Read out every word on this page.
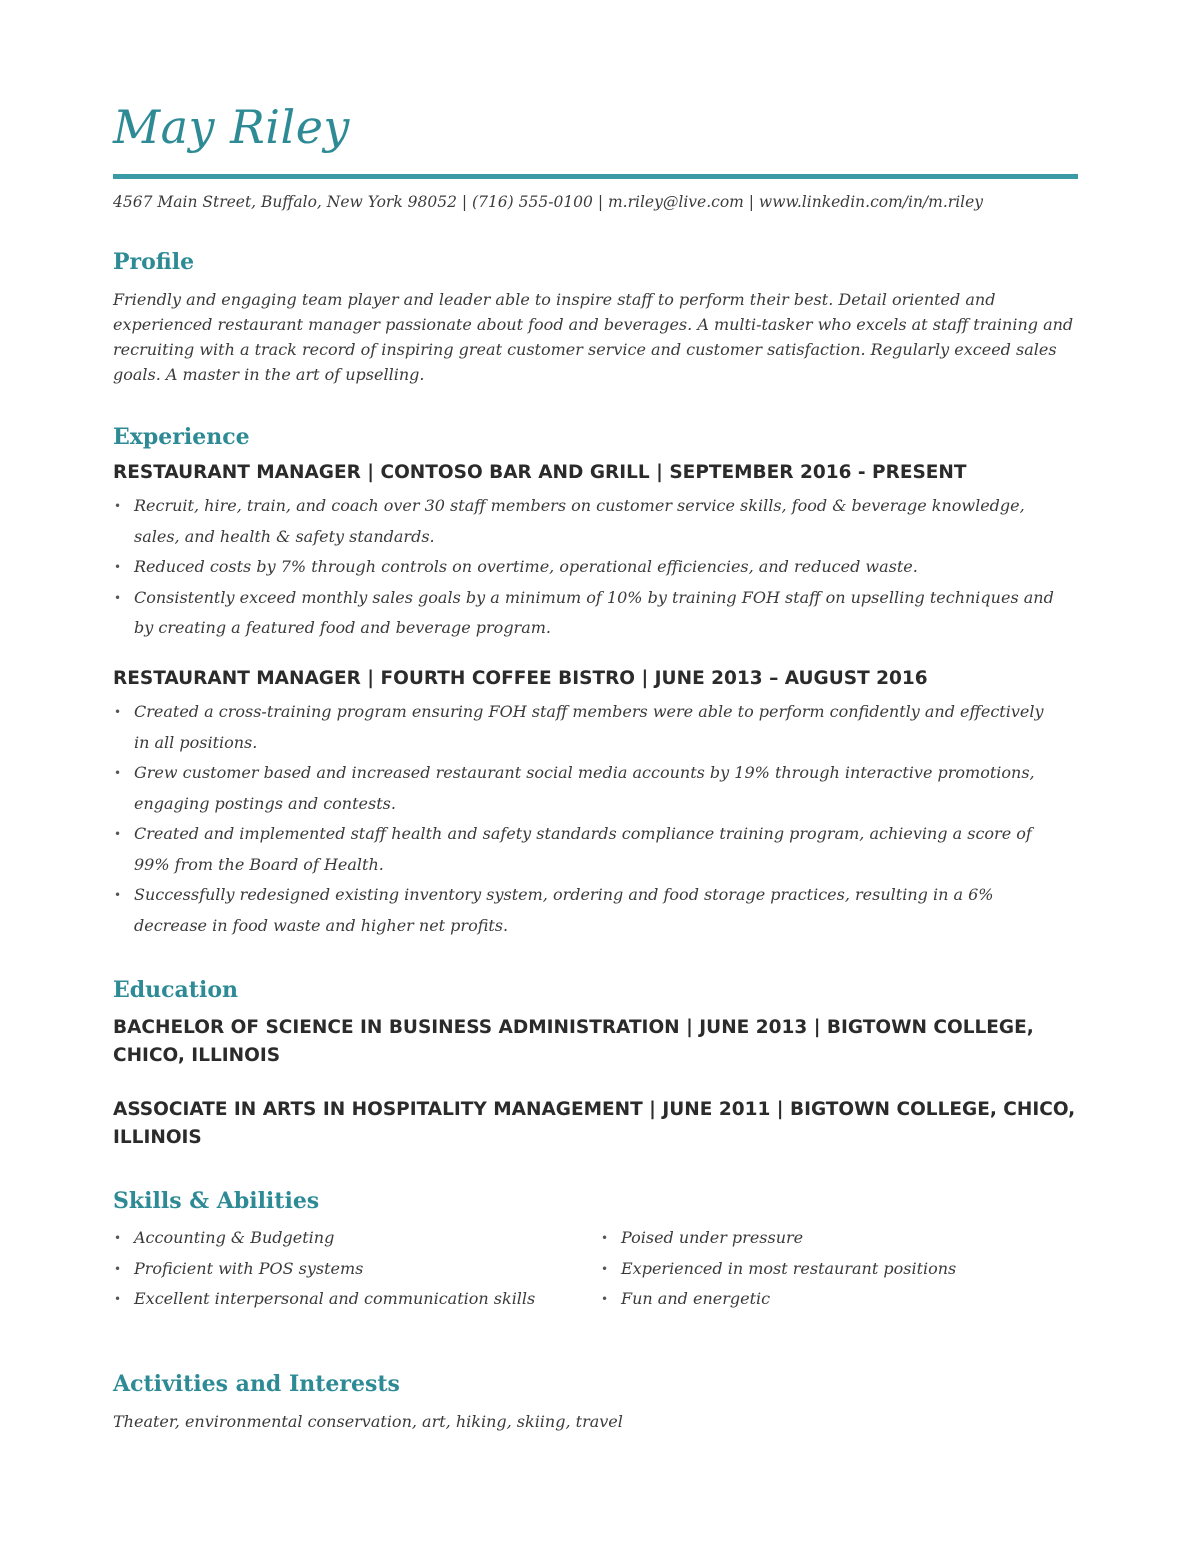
May Riley
4567 Main Street, Buffalo, New York 98052 | (716) 555-0100 | m.riley@live.com | www.linkedin.com/in/m.riley
Profile
Friendly and engaging team player and leader able to inspire staff to perform their best. Detail oriented and experienced restaurant manager passionate about food and beverages. A multi-tasker who excels at staff training and recruiting with a track record of inspiring great customer service and customer satisfaction. Regularly exceed sales goals. A master in the art of upselling.
Experience
RESTAURANT MANAGER | CONTOSO BAR AND GRILL | SEPTEMBER 2016 - PRESENT
• Recruit, hire, train, and coach over 30 staff members on customer service skills, food & beverage knowledge, sales, and health & safety standards.
• Reduced costs by 7% through controls on overtime, operational efficiencies, and reduced waste.
• Consistently exceed monthly sales goals by a minimum of 10% by training FOH staff on upselling techniques and by creating a featured food and beverage program.
RESTAURANT MANAGER | FOURTH COFFEE BISTRO | JUNE 2013 – AUGUST 2016
• Created a cross-training program ensuring FOH staff members were able to perform confidently and effectively in all positions.
• Grew customer based and increased restaurant social media accounts by 19% through interactive promotions, engaging postings and contests.
• Created and implemented staff health and safety standards compliance training program, achieving a score of 99% from the Board of Health.
• Successfully redesigned existing inventory system, ordering and food storage practices, resulting in a 6% decrease in food waste and higher net profits.
Education
BACHELOR OF SCIENCE IN BUSINESS ADMINISTRATION | JUNE 2013 | BIGTOWN COLLEGE, CHICO, ILLINOIS
ASSOCIATE IN ARTS IN HOSPITALITY MANAGEMENT | JUNE 2011 | BIGTOWN COLLEGE, CHICO, ILLINOIS
Skills & Abilities
• Accounting & Budgeting
• Proficient with POS systems
• Excellent interpersonal and communication skills
• Poised under pressure
• Experienced in most restaurant positions
• Fun and energetic
Activities and Interests
Theater, environmental conservation, art, hiking, skiing, travel
